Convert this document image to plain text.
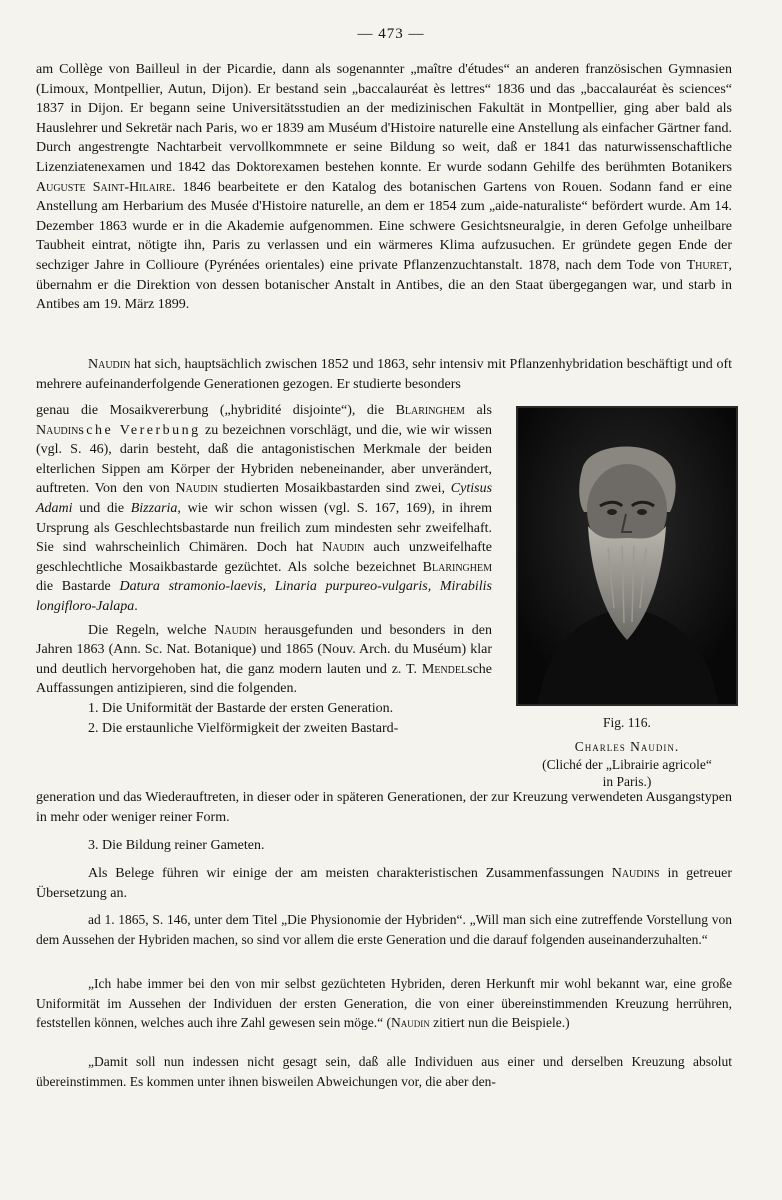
— 473 —

am Collège von Bailleul in der Picardie, dann als sogenannter „maître d'études“ an anderen französischen Gymnasien (Limoux, Montpellier, Autun, Dijon). Er bestand sein „baccalauréat ès lettres“ 1836 und das „baccalauréat ès sciences“ 1837 in Dijon. Er begann seine Universitätsstudien an der medizinischen Fakultät in Montpellier, ging aber bald als Hauslehrer und Sekretär nach Paris, wo er 1839 am Muséum d'Histoire naturelle eine Anstellung als einfacher Gärtner fand. Durch angestrengte Nachtarbeit vervollkommnete er seine Bildung so weit, daß er 1841 das naturwissenschaftliche Lizenziatenexamen und 1842 das Doktorexamen bestehen konnte. Er wurde sodann Gehilfe des berühmten Botanikers Auguste Saint-Hilaire. 1846 bearbeitete er den Katalog des botanischen Gartens von Rouen. Sodann fand er eine Anstellung am Herbarium des Musée d'Histoire naturelle, an dem er 1854 zum „aide-naturaliste“ befördert wurde. Am 14. Dezember 1863 wurde er in die Akademie aufgenommen. Eine schwere Gesichtsneuralgie, in deren Gefolge unheilbare Taubheit eintrat, nötigte ihn, Paris zu verlassen und ein wärmeres Klima aufzusuchen. Er gründete gegen Ende der sechziger Jahre in Collioure (Pyrénées orientales) eine private Pflanzenzuchtanstalt. 1878, nach dem Tode von Thuret, übernahm er die Direktion von dessen botanischer Anstalt in Antibes, die an den Staat übergegangen war, und starb in Antibes am 19. März 1899.

Naudin hat sich, hauptsächlich zwischen 1852 und 1863, sehr intensiv mit Pflanzenhybridation beschäftigt und oft mehrere aufeinanderfolgende Generationen gezogen. Er studierte besonders

genau die Mosaikvererbung („hybridité disjointe“), die Blaringhem als Naudinsche Vererbung zu bezeichnen vorschlägt, und die, wie wir wissen (vgl. S. 46), darin besteht, daß die antagonistischen Merkmale der beiden elterlichen Sippen am Körper der Hybriden nebeneinander, aber unverändert, auftreten. Von den von Naudin studierten Mosaikbastarden sind zwei, Cytisus Adami und die Bizzaria, wie wir schon wissen (vgl. S. 167, 169), in ihrem Ursprung als Geschlechtsbastarde nun freilich zum mindesten sehr zweifelhaft. Sie sind wahrscheinlich Chimären. Doch hat Naudin auch unzweifelhafte geschlechtliche Mosaikbastarde gezüchtet. Als solche bezeichnet Blaringhem die Bastarde Datura stramonio-laevis, Linaria purpureo-vulgaris, Mirabilis longifloro-Jalapa.

Die Regeln, welche Naudin herausgefunden und besonders in den Jahren 1863 (Ann. Sc. Nat. Botanique) und 1865 (Nouv. Arch. du Muséum) klar und deutlich hervorgehoben hat, die ganz modern lauten und z. T. Mendelsche Auffassungen antizipieren, sind die folgenden.

1. Die Uniformität der Bastarde der ersten Generation.

2. Die erstaunliche Vielförmigkeit der zweiten Bastard-	Fig. 116.
Charles Naudin.
(Cliché der „Librairie agricole“
in Paris.)

generation und das Wiederauftreten, in dieser oder in späteren Generationen, der zur Kreuzung verwendeten Ausgangstypen in mehr oder weniger reiner Form.

3. Die Bildung reiner Gameten.

Als Belege führen wir einige der am meisten charakteristischen Zusammenfassungen Naudins in getreuer Übersetzung an.

ad 1. 1865, S. 146, unter dem Titel „Die Physionomie der Hybriden“. „Will man sich eine zutreffende Vorstellung von dem Aussehen der Hybriden machen, so sind vor allem die erste Generation und die darauf folgenden auseinanderzuhalten.“

„Ich habe immer bei den von mir selbst gezüchteten Hybriden, deren Herkunft mir wohl bekannt war, eine große Uniformität im Aussehen der Individuen der ersten Generation, die von einer übereinstimmenden Kreuzung herrühren, feststellen können, welches auch ihre Zahl gewesen sein möge.“ (Naudin zitiert nun die Beispiele.)

„Damit soll nun indessen nicht gesagt sein, daß alle Individuen aus einer und derselben Kreuzung absolut übereinstimmen. Es kommen unter ihnen bisweilen Abweichungen vor, die aber den-
